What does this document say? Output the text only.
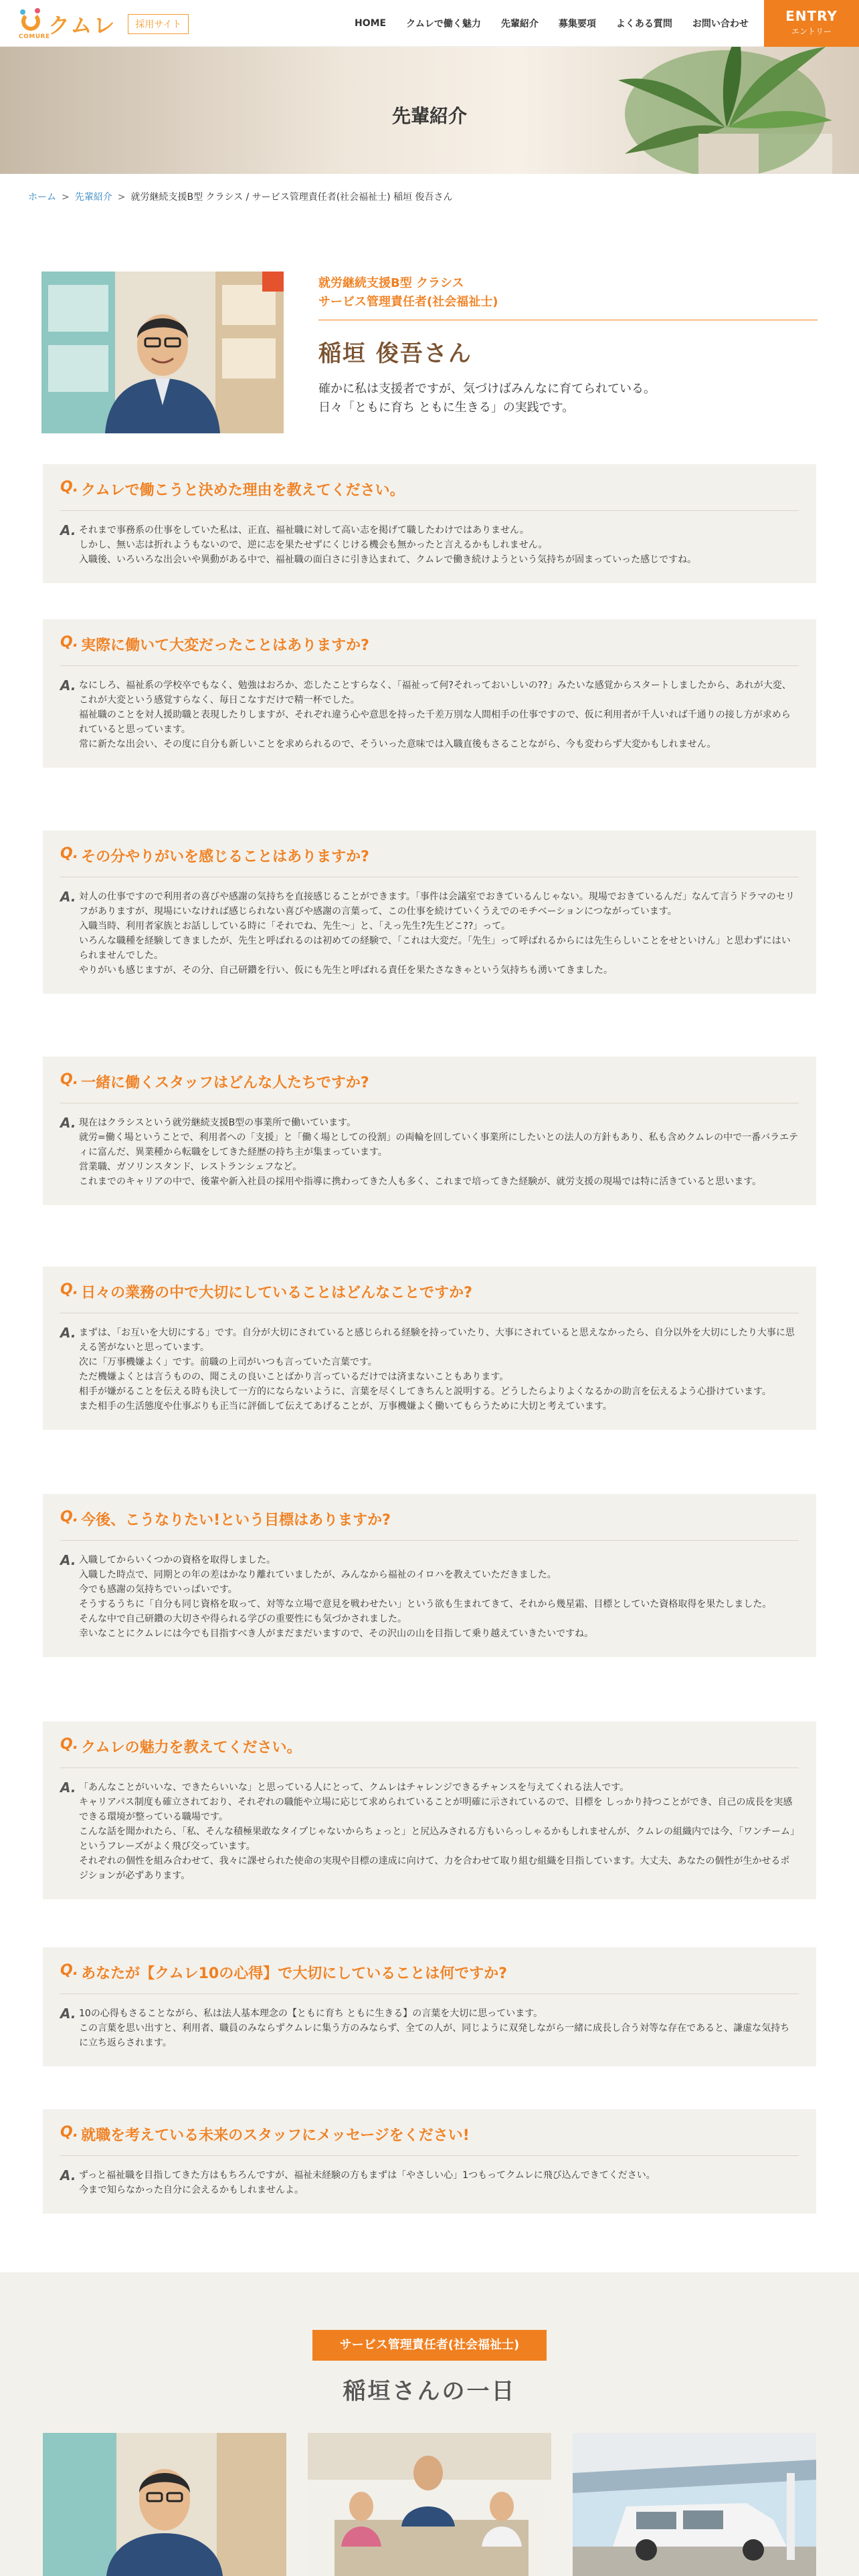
COMURE
クムレ	採用サイト	HOME クムレで働く魅力 先輩紹介 募集要項 よくある質問 お問い合わせ	ENTRY
エントリー
先輩紹介
ホーム > 先輩紹介 > 就労継続支援B型 クラシス / サービス管理責任者(社会福祉士) 稲垣 俊吾さん
就労継続支援B型 クラシス
サービス管理責任者(社会福祉士)
稲垣 俊吾さん
確かに私は支援者ですが、気づけばみんなに育てられている。
日々「ともに育ち ともに生きる」の実践です。
Q. クムレで働こうと決めた理由を教えてください。
A. それまで事務系の仕事をしていた私は、正直、福祉職に対して高い志を掲げて職したわけではありません。
しかし、無い志は折れようもないので、逆に志を果たせずにくじける機会も無かったと言えるかもしれません。
入職後、いろいろな出会いや異動がある中で、福祉職の面白さに引き込まれて、クムレで働き続けようという気持ちが固まっていった感じですね。
Q. 実際に働いて大変だったことはありますか?
A. なにしろ、福祉系の学校卒でもなく、勉強はおろか、恋したことすらなく、「福祉って何?それっておいしいの??」みたいな感覚からスタートしましたから、あれが大変、これが大変という感覚すらなく、毎日こなすだけで精一杯でした。
福祉職のことを対人援助職と表現したりしますが、それぞれ違う心や意思を持った千差万別な人間相手の仕事ですので、仮に利用者が千人いれば千通りの接し方が求められていると思っています。
常に新たな出会い、その度に自分も新しいことを求められるので、そういった意味では入職直後もさることながら、今も変わらず大変かもしれません。
Q. その分やりがいを感じることはありますか?
A. 対人の仕事ですので利用者の喜びや感謝の気持ちを直接感じることができます。「事件は会議室でおきているんじゃない。現場でおきているんだ」なんて言うドラマのセリフがありますが、現場にいなければ感じられない喜びや感謝の言葉って、この仕事を続けていくうえでのモチベーションにつながっています。
入職当時、利用者家族とお話ししている時に「それでね、先生〜」と、「えっ先生?先生どこ??」って。
いろんな職種を経験してきましたが、先生と呼ばれるのは初めての経験で、「これは大変だ。「先生」って呼ばれるからには先生らしいことをせといけん」と思わずにはいられませんでした。
やりがいも感じますが、その分、自己研鑽を行い、仮にも先生と呼ばれる責任を果たさなきゃという気持ちも湧いてきました。
Q. 一緒に働くスタッフはどんな人たちですか?
A. 現在はクラシスという就労継続支援B型の事業所で働いています。
就労=働く場ということで、利用者への「支援」と「働く場としての役割」の両輪を回していく事業所にしたいとの法人の方針もあり、私も含めクムレの中で一番バラエティに富んだ、異業種から転職をしてきた経歴の持ち主が集まっています。
営業職、ガソリンスタンド、レストランシェフなど。
これまでのキャリアの中で、後輩や新入社員の採用や指導に携わってきた人も多く、これまで培ってきた経験が、就労支援の現場では特に活きていると思います。
Q. 日々の業務の中で大切にしていることはどんなことですか?
A. まずは、「お互いを大切にする」です。自分が大切にされていると感じられる経験を持っていたり、大事にされていると思えなかったら、自分以外を大切にしたり大事に思える筈がないと思っています。
次に「万事機嫌よく」です。前職の上司がいつも言っていた言葉です。
ただ機嫌よくとは言うものの、聞こえの良いことばかり言っているだけでは済まないこともあります。
相手が嫌がることを伝える時も決して一方的にならないように、言葉を尽くしてきちんと説明する。どうしたらよりよくなるかの助言を伝えるよう心掛けています。
また相手の生活態度や仕事ぶりも正当に評価して伝えてあげることが、万事機嫌よく働いてもらうために大切と考えています。
Q. 今後、こうなりたい!という目標はありますか?
A. 入職してからいくつかの資格を取得しました。
入職した時点で、同期との年の差はかなり離れていましたが、みんなから福祉のイロハを教えていただきました。
今でも感謝の気持ちでいっぱいです。
そうするうちに「自分も同じ資格を取って、対等な立場で意見を戦わせたい」という欲も生まれてきて、それから幾星霜、目標としていた資格取得を果たしました。
そんな中で自己研鑽の大切さや得られる学びの重要性にも気づかされました。
幸いなことにクムレには今でも目指すべき人がまだまだいますので、その沢山の山を目指して乗り越えていきたいですね。
Q. クムレの魅力を教えてください。
A. 「あんなことがいいな、できたらいいな」と思っている人にとって、クムレはチャレンジできるチャンスを与えてくれる法人です。
キャリアパス制度も確立されており、それぞれの職能や立場に応じて求められていることが明確に示されているので、目標を しっかり持つことができ、自己の成長を実感できる環境が整っている職場です。
こんな話を聞かれたら、「私、そんな積極果敢なタイプじゃないからちょっと」と尻込みされる方もいらっしゃるかもしれませんが、クムレの組織内では今、「ワンチーム」というフレーズがよく飛び交っています。
それぞれの個性を組み合わせて、我々に課せられた使命の実現や目標の達成に向けて、力を合わせて取り組む組織を目指しています。大丈夫、あなたの個性が生かせるポジションが必ずあります。
Q. あなたが【クムレ10の心得】で大切にしていることは何ですか?
A. 10の心得もさることながら、私は法人基本理念の【ともに育ち ともに生きる】の言葉を大切に思っています。
この言葉を思い出すと、利用者、職員のみならずクムレに集う方のみならず、全ての人が、同じように双発しながら一緒に成長し合う対等な存在であると、謙虚な気持ちに立ち返らされます。
Q. 就職を考えている未来のスタッフにメッセージをください!
A. ずっと福祉職を目指してきた方はもちろんですが、福祉未経験の方もまずは「やさしい心」1つもってクムレに飛び込んできてください。
今まで知らなかった自分に会えるかもしれませんよ。
サービス管理責任者(社会福祉士)
稲垣さんの一日
